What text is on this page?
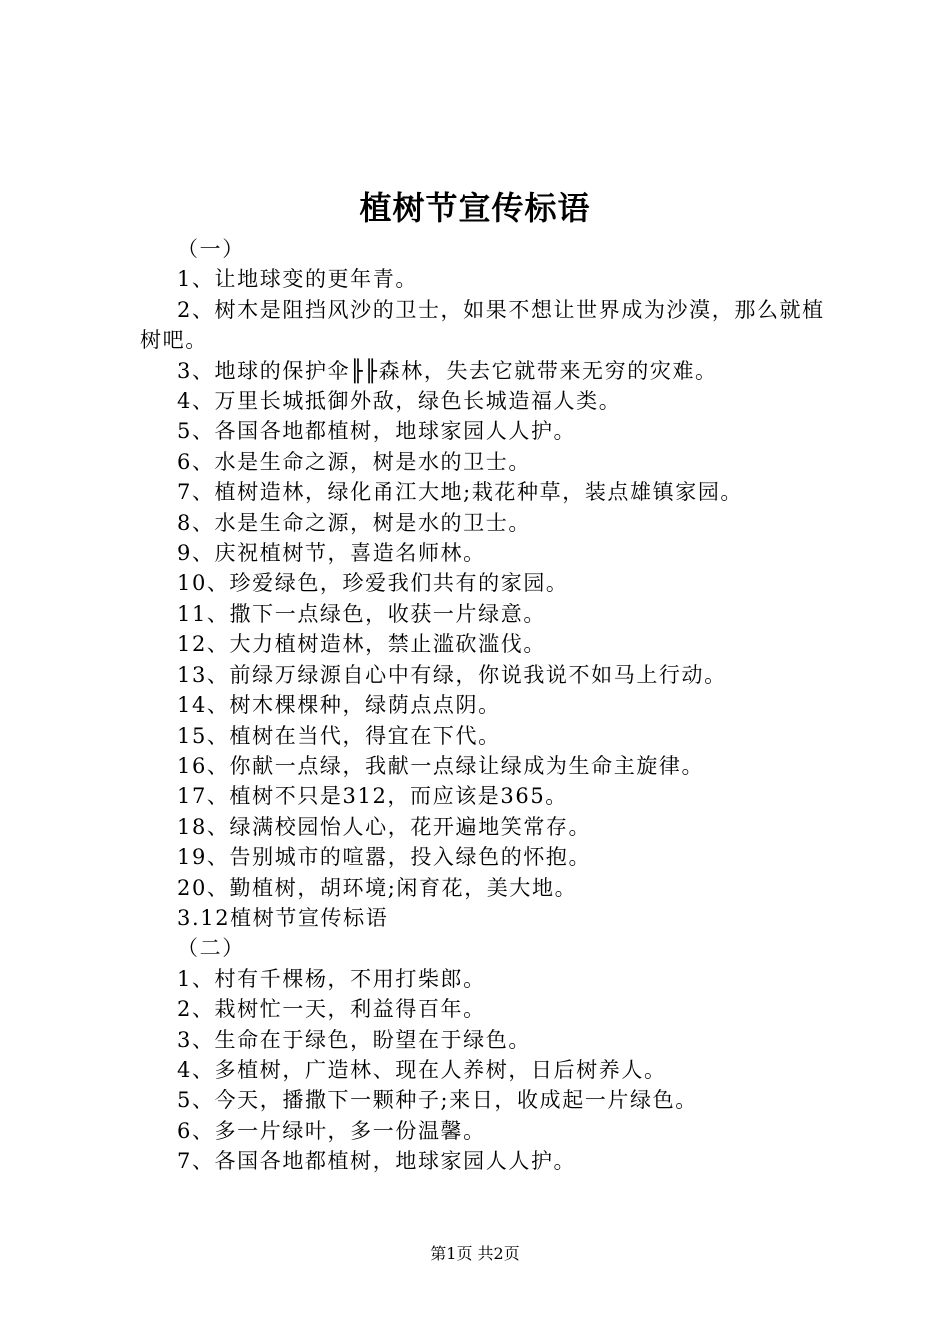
植树节宣传标语

（一）

1、让地球变的更年青。

2、树木是阻挡风沙的卫士，如果不想让世界成为沙漠，那么就植树吧。

3、地球的保护伞╟╟森林，失去它就带来无穷的灾难。

4、万里长城抵御外敌，绿色长城造福人类。

5、各国各地都植树，地球家园人人护。

6、水是生命之源，树是水的卫士。

7、植树造林，绿化甬江大地;栽花种草，装点雄镇家园。

8、水是生命之源，树是水的卫士。

9、庆祝植树节，喜造名师林。

10、珍爱绿色，珍爱我们共有的家园。

11、撒下一点绿色，收获一片绿意。

12、大力植树造林，禁止滥砍滥伐。

13、前绿万绿源自心中有绿，你说我说不如马上行动。

14、树木棵棵种，绿荫点点阴。

15、植树在当代，得宜在下代。

16、你献一点绿，我献一点绿让绿成为生命主旋律。

17、植树不只是312，而应该是365。

18、绿满校园怡人心，花开遍地笑常存。

19、告别城市的喧嚣，投入绿色的怀抱。

20、勤植树，胡环境;闲育花，美大地。

3.12植树节宣传标语

（二）

1、村有千棵杨，不用打柴郎。

2、栽树忙一天，利益得百年。

3、生命在于绿色，盼望在于绿色。

4、多植树，广造林、现在人养树，日后树养人。

5、今天，播撒下一颗种子;来日，收成起一片绿色。

6、多一片绿叶，多一份温馨。

7、各国各地都植树，地球家园人人护。

第1页 共2页
